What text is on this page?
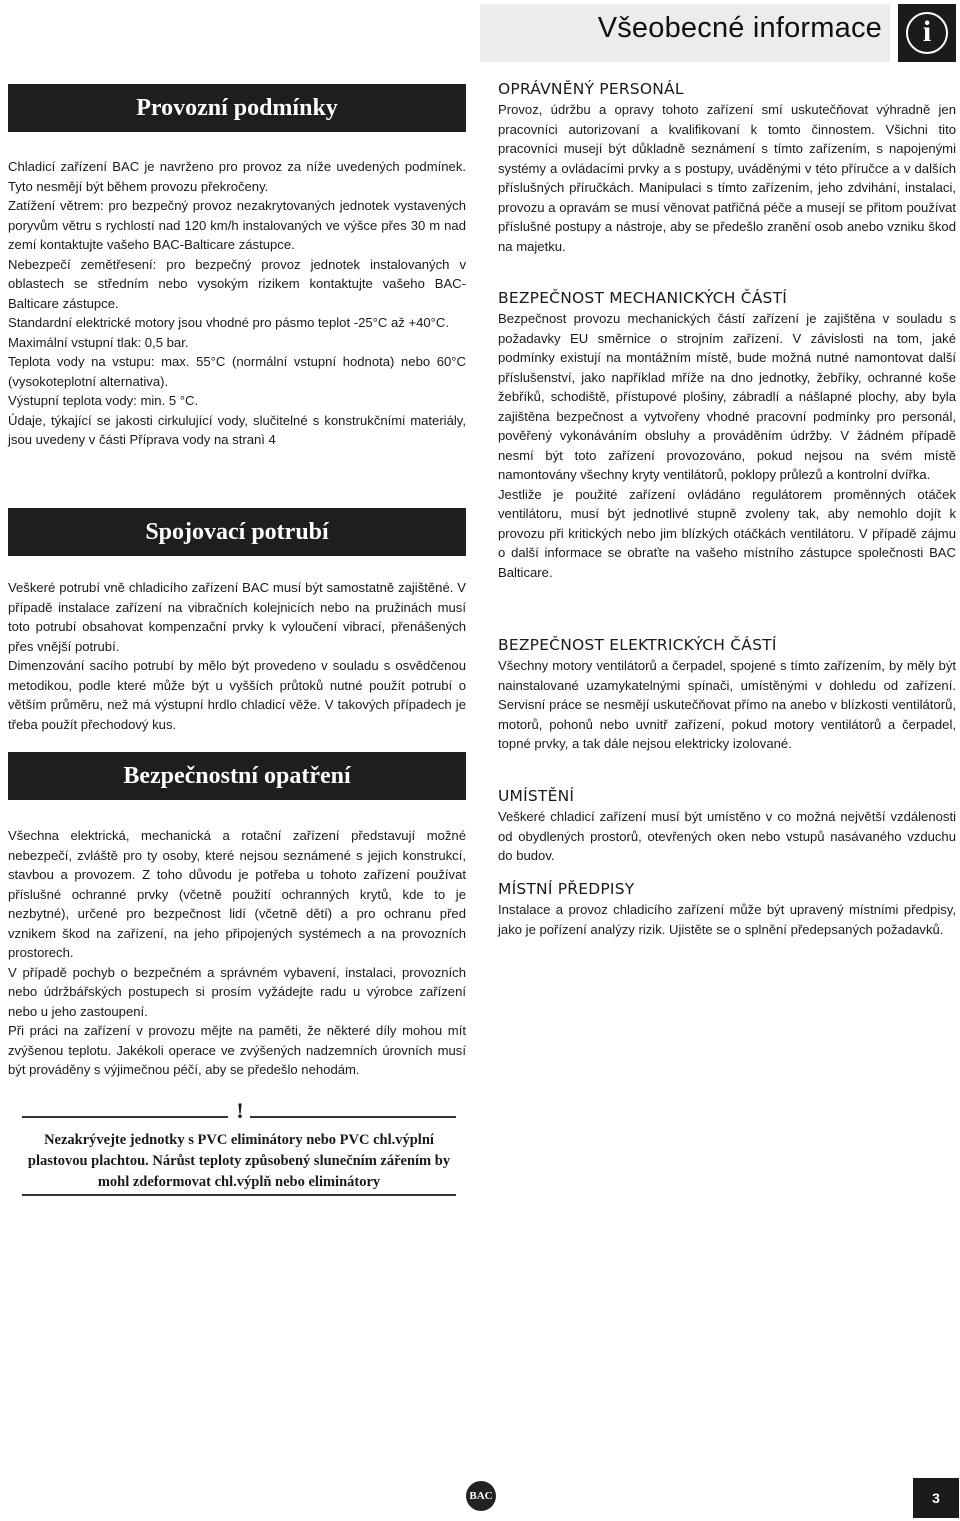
Všeobecné informace	i
Provozní podmínky

Chladicí zařízení BAC je navrženo pro provoz za níže uvedených podmínek. Tyto nesmějí být během provozu překročeny.

Zatížení větrem: pro bezpečný provoz nezakrytovaných jednotek vystavených poryvům větru s rychlostí nad 120 km/h instalovaných ve výšce přes 30 m nad zemí kontaktujte vašeho BAC-Balticare zástupce.

Nebezpečí zemětřesení: pro bezpečný provoz jednotek instalovaných v oblastech se středním nebo vysokým rizikem kontaktujte vašeho BAC-Balticare zástupce.

Standardní elektrické motory jsou vhodné pro pásmo teplot -25°C až +40°C.

Maximální vstupní tlak: 0,5 bar.

Teplota vody na vstupu: max. 55°C (normální vstupní hodnota) nebo 60°C (vysokoteplotní alternativa).

Výstupní teplota vody: min. 5 °C.

Údaje, týkající se jakosti cirkulující vody, slučitelné s konstrukčními materiály, jsou uvedeny v části Příprava vody na stranì 4

Spojovací potrubí

Veškeré potrubí vně chladicího zařízení BAC musí být samostatně zajištěné. V případě instalace zařízení na vibračních kolejnicích nebo na pružinách musí toto potrubí obsahovat kompenzační prvky k vyloučení vibrací, přenášených přes vnější potrubí.

Dimenzování sacího potrubí by mělo být provedeno v souladu s osvědčenou metodikou, podle které může být u vyšších průtoků nutné použít potrubí o větším průměru, než má výstupní hrdlo chladicí věže. V takových případech je třeba použít přechodový kus.

Bezpečnostní opatření

Všechna elektrická, mechanická a rotační zařízení představují možné nebezpečí, zvláště pro ty osoby, které nejsou seznámené s jejich konstrukcí, stavbou a provozem. Z toho důvodu je potřeba u tohoto zařízení používat příslušné ochranné prvky (včetně použití ochranných krytů, kde to je nezbytné), určené pro bezpečnost lidí (včetně dětí) a pro ochranu před vznikem škod na zařízení, na jeho připojených systémech a na provozních prostorech.

V případě pochyb o bezpečném a správném vybavení, instalaci, provozních nebo údržbářských postupech si prosím vyžádejte radu u výrobce zařízení nebo u jeho zastoupení.

Při práci na zařízení v provozu mějte na paměti, že některé díly mohou mít zvýšenou teplotu. Jakékoli operace ve zvýšených nadzemních úrovních musí být prováděny s výjimečnou péčí, aby se předešlo nehodám.

!
Nezakrývejte jednotky s PVC eliminátory nebo PVC chl.výplní plastovou plachtou. Nárůst teploty způsobený slunečním zářením by mohl zdeformovat chl.výplň nebo eliminátory
OPRÁVNĚNÝ PERSONÁL

Provoz, údržbu a opravy tohoto zařízení smí uskutečňovat výhradně jen pracovníci autorizovaní a kvalifikovaní k tomto činnostem. Všichni tito pracovníci musejí být důkladně seznámení s tímto zařízením, s napojenými systémy a ovládacími prvky a s postupy, uváděnými v této příručce a v dalších příslušných příručkách. Manipulaci s tímto zařízením, jeho zdvihání, instalaci, provozu a opravám se musí věnovat patřičná péče a musejí se přitom používat příslušné postupy a nástroje, aby se předešlo zranění osob anebo vzniku škod na majetku.

BEZPEČNOST MECHANICKÝCH ČÁSTÍ

Bezpečnost provozu mechanických částí zařízení je zajištěna v souladu s požadavky EU směrnice o strojním zařízení. V závislosti na tom, jaké podmínky existují na montážním místě, bude možná nutné namontovat další příslušenství, jako například mříže na dno jednotky, žebříky, ochranné koše žebříků, schodiště, přístupové plošiny, zábradlí a nášlapné plochy, aby byla zajištěna bezpečnost a vytvořeny vhodné pracovní podmínky pro personál, pověřený vykonáváním obsluhy a prováděním údržby. V žádném případě nesmí být toto zařízení provozováno, pokud nejsou na svém místě namontovány všechny kryty ventilátorů, poklopy průlezů a kontrolní dvířka.

Jestliže je použité zařízení ovládáno regulátorem proměnných otáček ventilátoru, musí být jednotlivé stupně zvoleny tak, aby nemohlo dojít k provozu při kritických nebo jim blízkých otáčkách ventilátoru. V případě zájmu o další informace se obraťte na vašeho místního zástupce společnosti BAC Balticare.

BEZPEČNOST ELEKTRICKÝCH ČÁSTÍ

Všechny motory ventilátorů a čerpadel, spojené s tímto zařízením, by měly být nainstalované uzamykatelnými spínači, umístěnými v dohledu od zařízení. Servisní práce se nesmějí uskutečňovat přímo na anebo v blízkosti ventilátorů, motorů, pohonů nebo uvnitř zařízení, pokud motory ventilátorů a čerpadel, topné prvky, a tak dále nejsou elektricky izolované.

UMÍSTĚNÍ

Veškeré chladicí zařízení musí být umístěno v co možná největší vzdálenosti od obydlených prostorů, otevřených oken nebo vstupů nasávaného vzduchu do budov.

MÍSTNÍ PŘEDPISY

Instalace a provoz chladicího zařízení může být upravený místními předpisy, jako je pořízení analýzy rizik. Ujistěte se o splnění předepsaných požadavků.

BAC	3
